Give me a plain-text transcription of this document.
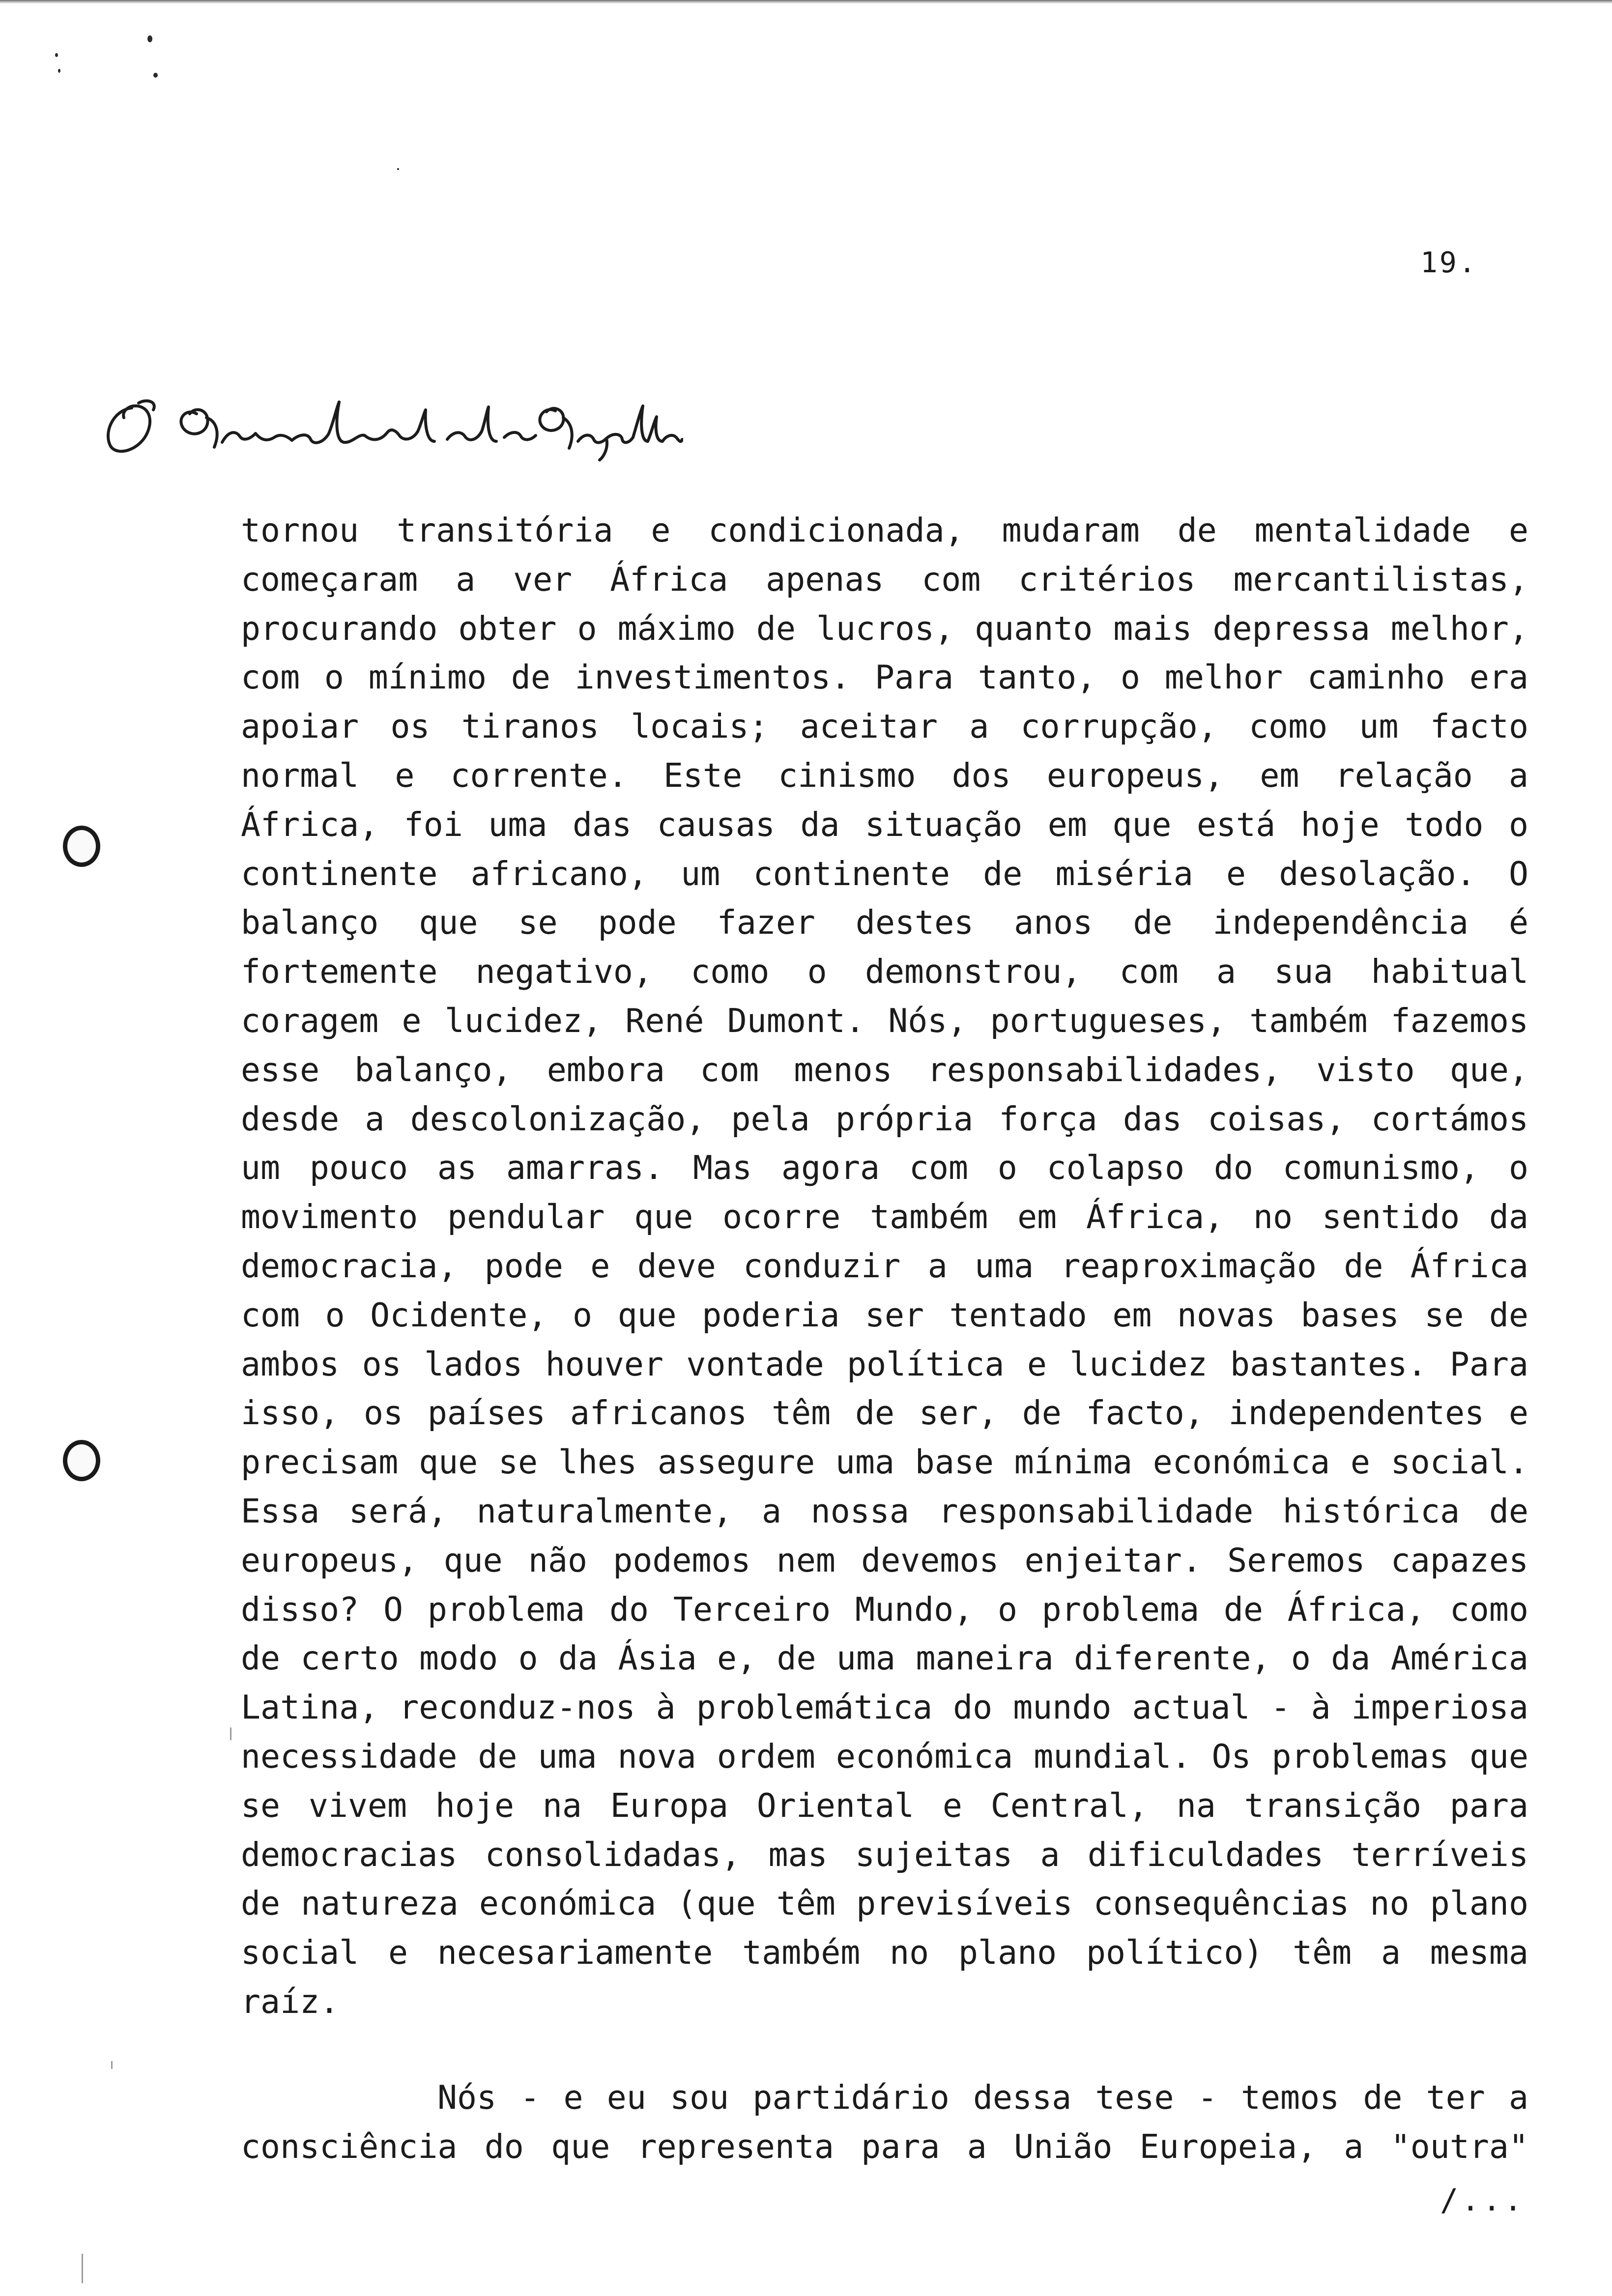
19.
O Presidente da República
tornou transitória e condicionada, mudaram de mentalidade e
começaram a ver África apenas com critérios mercantilistas,
procurando obter o máximo de lucros, quanto mais depressa melhor,
com o mínimo de investimentos. Para tanto, o melhor caminho era
apoiar os tiranos locais; aceitar a corrupção, como um facto
normal e corrente. Este cinismo dos europeus, em relação a
África, foi uma das causas da situação em que está hoje todo o
continente africano, um continente de miséria e desolação. O
balanço que se pode fazer destes anos de independência é
fortemente negativo, como o demonstrou, com a sua habitual
coragem e lucidez, René Dumont. Nós, portugueses, também fazemos
esse balanço, embora com menos responsabilidades, visto que,
desde a descolonização, pela própria força das coisas, cortámos
um pouco as amarras. Mas agora com o colapso do comunismo, o
movimento pendular que ocorre também em África, no sentido da
democracia, pode e deve conduzir a uma reaproximação de África
com o Ocidente, o que poderia ser tentado em novas bases se de
ambos os lados houver vontade política e lucidez bastantes. Para
isso, os países africanos têm de ser, de facto, independentes e
precisam que se lhes assegure uma base mínima económica e social.
Essa será, naturalmente, a nossa responsabilidade histórica de
europeus, que não podemos nem devemos enjeitar. Seremos capazes
disso? O problema do Terceiro Mundo, o problema de África, como
de certo modo o da Ásia e, de uma maneira diferente, o da América
Latina, reconduz-nos à problemática do mundo actual - à imperiosa
necessidade de uma nova ordem económica mundial. Os problemas que
se vivem hoje na Europa Oriental e Central, na transição para
democracias consolidadas, mas sujeitas a dificuldades terríveis
de natureza económica (que têm previsíveis consequências no plano
social e necesariamente também no plano político) têm a mesma
raíz.
Nós - e eu sou partidário dessa tese - temos de ter a
consciência do que representa para a União Europeia, a "outra"
/...
